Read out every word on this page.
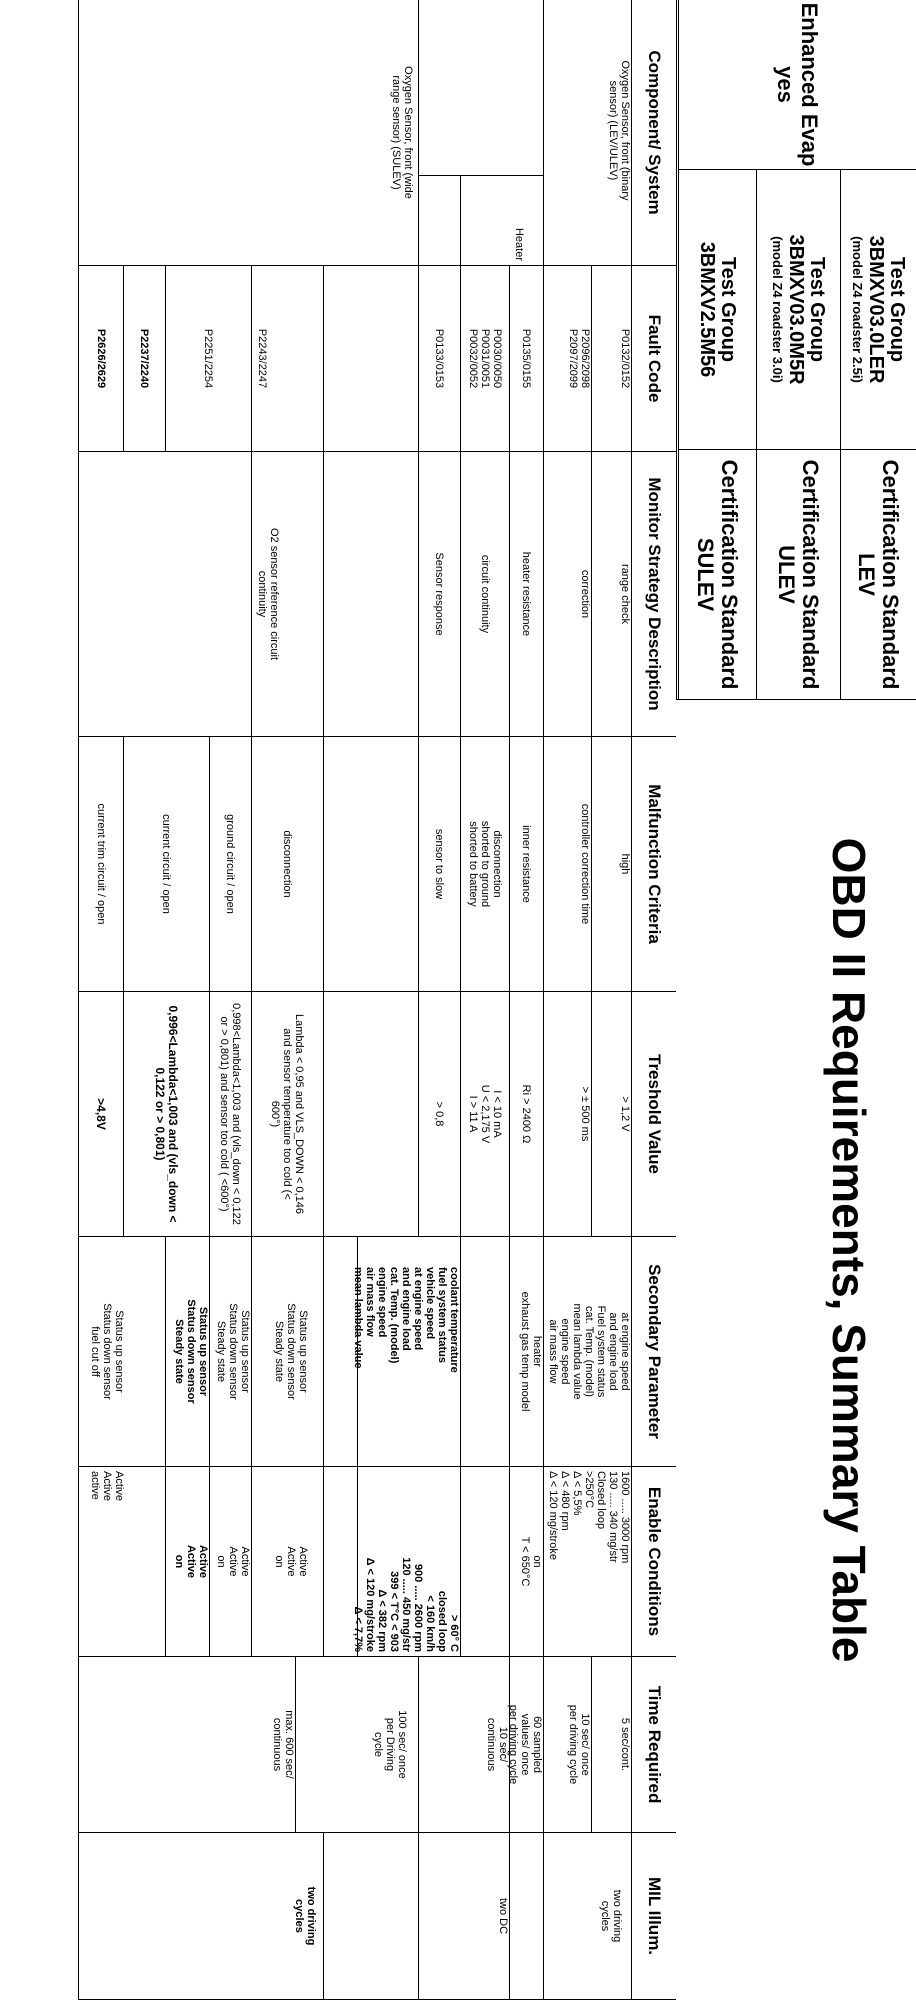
OBD II Requirements, Summary Table
Test Group
3BMXV03.0LER
(model Z4 roadster 2.5i)
Certification Standard
LEV
Enhanced Evap
yes
Test Group
3BMXV03.0M5R
(model Z4 roadster 3.0i)
Certification Standard
ULEV
Test Group
3BMXV2.5M56
Certification Standard
SULEV
Component/ System
Fault Code
Monitor Strategy Description
Malfunction Criteria
Treshold Value
Secondary Parameter
Enable Conditions
Time Required
MIL Illum.
Oxygen Sensor, front (binary sensor) (LEV/ULEV)
Heater
Oxygen Sensor, front (wide range sensor) (SULEV)
P0132/0152
range check
high
> 1,2 V
at engine speed
and engine load
Fuel system status
cat. Temp. (model)
mean lambda value
engine speed
air mass flow
1600 ..... 3000 rpm
130 ..... 340 mg/str
Closed loop
>250°C
Δ < 5,5%
Δ < 480 rpm
Δ < 120 mg/stroke
5 sec/cont.
two driving cycles
P2096/2098
P2097/2099
correction
controller correction time
> ± 500 ms
10 sec/ once per driving cycle
P0135/0155
heater resistance
inner resistance
Ri > 2400 Ω
heater
exhaust gas temp model
on
T < 650°C
60 sampled values/ once per driving cycle
P0030/0050
P0031/0051
P0032/0052
circuit continuity
disconnection
shorted to ground
shorted to battery
I < 10 mA
U < 2,175 V
I > 11 A
10 sec/ continuous
two DC
P0133/0153
Sensor response
sensor to slow
> 0,8
coolant temperature
fuel system status
vehicle speed
at engine speed
and engine load
cat. Temp. (model)
engine speed
air mass flow
mean lambda value
> 60° C
closed loop
< 160 km/h
900 ..... 2600 rpm
120 ..... 450 mg/str
399 < T°C < 903
Δ < 382 rpm
Δ < 120 mg/stroke
Δ < 7,7%
100 sec/ once per Driving cycle
P2243/2247
O2 sensor reference circuit continuity
disconnection
Lambda < 0,95 and VLS_DOWN < 0,146 and sensor temperature too cold (< 600°)
Status up sensor
Status down sensor
Steady state
Active
Active
on
max. 600 sec/ continuous
two driving cycles
P2251/2254
ground circuit / open
0,998<Lambda<1,003 and (vls_down < 0,122 or > 0,801) and sensor too cold ( <600°)
Status up sensor
Status down sensor
Steady state
Active
Active
on
P2237/2240
current circuit / open
0,996<Lambda<1,003 and (vls_down < 0,122 or > 0,801)
Status up sensor
Status down sensor
Steady state
Active
Active
on
P2626/2629
current trim circuit / open
>4,8V
Status up sensor
Status down sensor
fuel cut off
Active
Active
active
